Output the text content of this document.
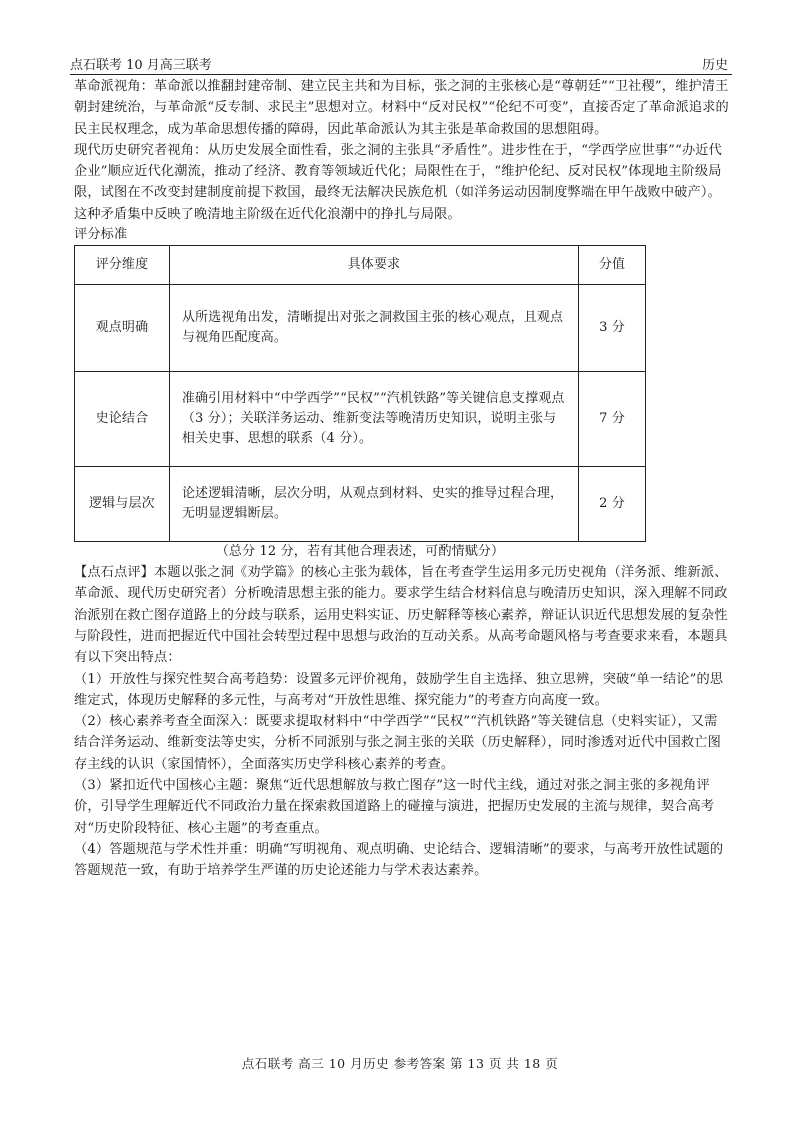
点石联考 10 月高三联考	历史

革命派视角：革命派以推翻封建帝制、建立民主共和为目标，张之洞的主张核心是“尊朝廷”“卫社稷”，维护清王朝封建统治，与革命派“反专制、求民主”思想对立。材料中“反对民权”“伦纪不可变”，直接否定了革命派追求的民主民权理念，成为革命思想传播的障碍，因此革命派认为其主张是革命救国的思想阻碍。

现代历史研究者视角：从历史发展全面性看，张之洞的主张具“矛盾性”。进步性在于，“学西学应世事”“办近代企业”顺应近代化潮流，推动了经济、教育等领域近代化；局限性在于，“维护伦纪、反对民权”体现地主阶级局限，试图在不改变封建制度前提下救国，最终无法解决民族危机（如洋务运动因制度弊端在甲午战败中破产）。这种矛盾集中反映了晚清地主阶级在近代化浪潮中的挣扎与局限。

评分标准

评分维度	具体要求	分值
观点明确	从所选视角出发，清晰提出对张之洞救国主张的核心观点，且观点与视角匹配度高。	3 分
史论结合	准确引用材料中“中学西学”“民权”“汽机铁路”等关键信息支撑观点（3 分）；关联洋务运动、维新变法等晚清历史知识，说明主张与相关史事、思想的联系（4 分）。	7 分
逻辑与层次	论述逻辑清晰，层次分明，从观点到材料、史实的推导过程合理，无明显逻辑断层。	2 分

（总分 12 分，若有其他合理表述，可酌情赋分）

【点石点评】本题以张之洞《劝学篇》的核心主张为载体，旨在考查学生运用多元历史视角（洋务派、维新派、革命派、现代历史研究者）分析晚清思想主张的能力。要求学生结合材料信息与晚清历史知识，深入理解不同政治派别在救亡图存道路上的分歧与联系，运用史料实证、历史解释等核心素养，辩证认识近代思想发展的复杂性与阶段性，进而把握近代中国社会转型过程中思想与政治的互动关系。从高考命题风格与考查要求来看，本题具有以下突出特点：

（1）开放性与探究性契合高考趋势：设置多元评价视角，鼓励学生自主选择、独立思辨，突破“单一结论”的思维定式，体现历史解释的多元性，与高考对“开放性思维、探究能力”的考查方向高度一致。

（2）核心素养考查全面深入：既要求提取材料中“中学西学”“民权”“汽机铁路”等关键信息（史料实证），又需结合洋务运动、维新变法等史实，分析不同派别与张之洞主张的关联（历史解释），同时渗透对近代中国救亡图存主线的认识（家国情怀），全面落实历史学科核心素养的考查。

（3）紧扣近代中国核心主题：聚焦“近代思想解放与救亡图存”这一时代主线，通过对张之洞主张的多视角评价，引导学生理解近代不同政治力量在探索救国道路上的碰撞与演进，把握历史发展的主流与规律，契合高考对“历史阶段特征、核心主题”的考查重点。

（4）答题规范与学术性并重：明确“写明视角、观点明确、史论结合、逻辑清晰”的要求，与高考开放性试题的答题规范一致，有助于培养学生严谨的历史论述能力与学术表达素养。

点石联考 高三 10 月历史 参考答案 第 13 页 共 18 页
